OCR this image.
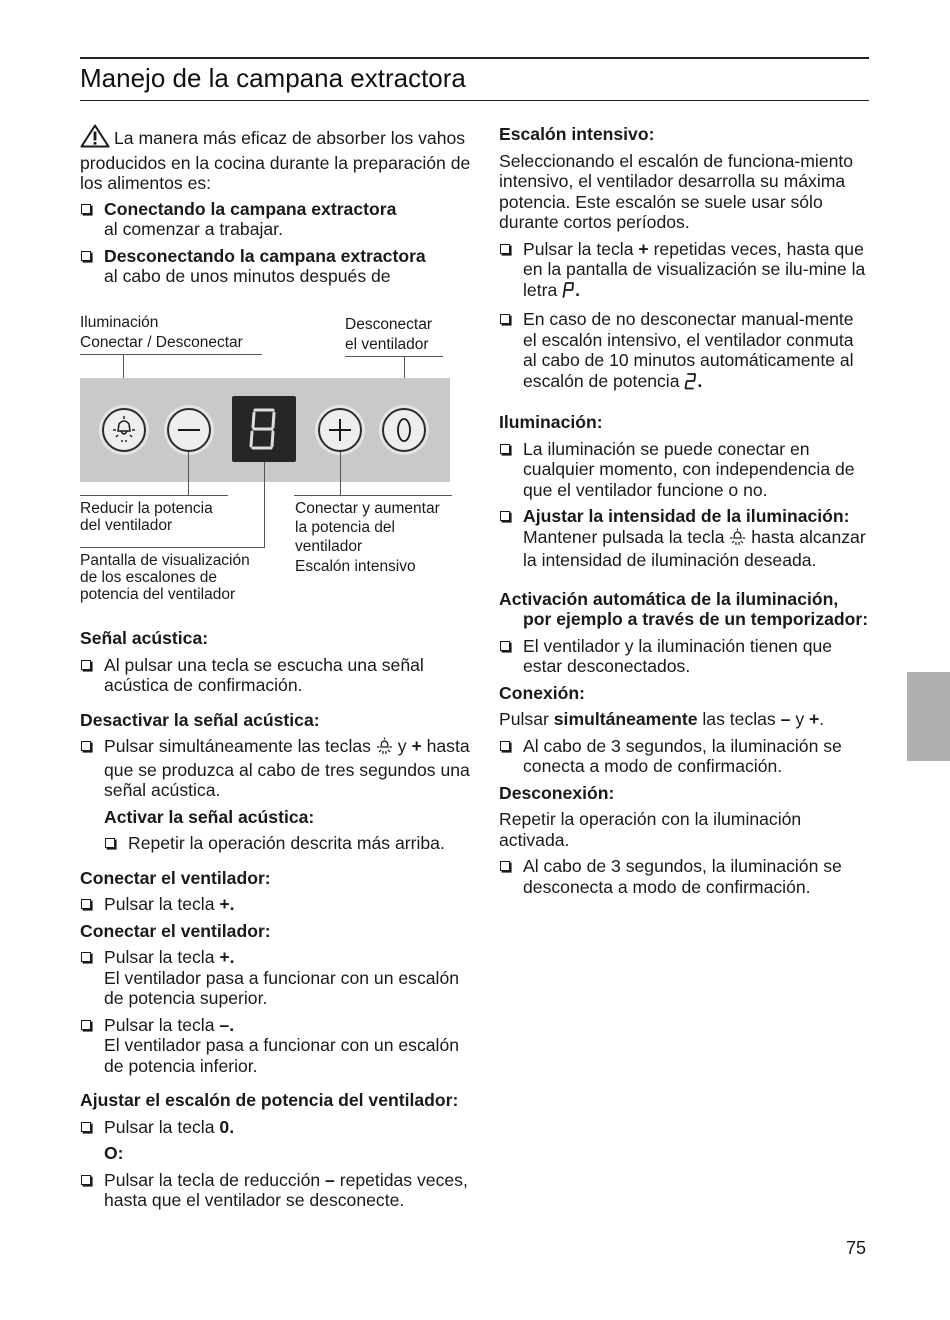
Manejo de la campana extractora

La manera más eficaz de absorber los vahos producidos en la cocina durante la preparación de los alimentos es:

Conectando la campana extractora
al comenzar a trabajar.

Desconectando la campana extractora
al cabo de unos minutos después de

Iluminación

Conectar / Desconectar

Desconectar

el ventilador

Reducir la potencia

del ventilador

Pantalla de visualización

de los escalones de

potencia del ventilador

Conectar y aumentar

la potencia del

ventilador

Escalón intensivo

Señal acústica:

Al pulsar una tecla se escucha una señal acústica de confirmación.

Desactivar la señal acústica:

Pulsar simultáneamente las teclas y + hasta que se produzca al cabo de tres segundos una señal acústica.

Activar la señal acústica:

Repetir la operación descrita más arriba.

Conectar el ventilador:

Pulsar la tecla +.

Conectar el ventilador:

Pulsar la tecla +.
El ventilador pasa a funcionar con un escalón de potencia superior.

Pulsar la tecla –.
El ventilador pasa a funcionar con un escalón de potencia inferior.

Ajustar el escalón de potencia del ventilador:

Pulsar la tecla 0.

O:

Pulsar la tecla de reducción – repetidas veces, hasta que el ventilador se desconecte.

Escalón intensivo:

Seleccionando el escalón de funciona-miento intensivo, el ventilador desarrolla su máxima potencia. Este escalón se suele usar sólo durante cortos períodos.

Pulsar la tecla + repetidas veces, hasta que en la pantalla de visualización se ilu-mine la letra .

En caso de no desconectar manual-mente el escalón intensivo, el ventilador conmuta al cabo de 10 minutos automáticamente al escalón de potencia .

Iluminación:

La iluminación se puede conectar en cualquier momento, con independencia de que el ventilador funcione o no.

Ajustar la intensidad de la iluminación:
Mantener pulsada la tecla hasta alcanzar la intensidad de iluminación deseada.

Activación automática de la iluminación, por ejemplo a través de un temporizador:

El ventilador y la iluminación tienen que estar desconectados.

Conexión:

Pulsar simultáneamente las teclas – y +.

Al cabo de 3 segundos, la iluminación se conecta a modo de confirmación.

Desconexión:

Repetir la operación con la iluminación activada.

Al cabo de 3 segundos, la iluminación se desconecta a modo de confirmación.

75
